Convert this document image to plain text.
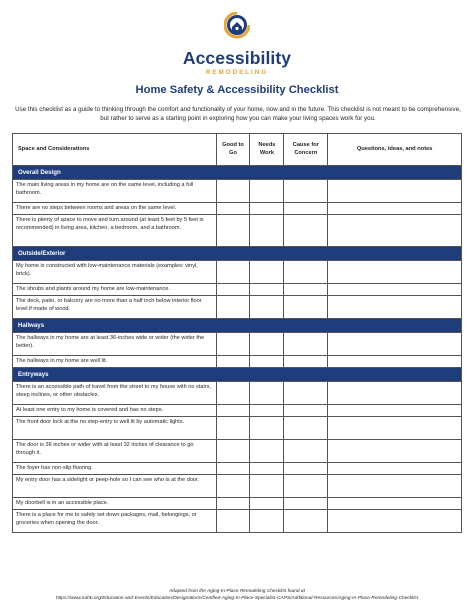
Accessibility
REMODELING
Home Safety & Accessibility Checklist
Use this checklist as a guide to thinking through the comfort and functionality of your home, now and in the future. This checklist is not meant to be comprehensive, but rather to serve as a starting point in exploring how you can make your living spaces work for you.
Space and Considerations
Good to Go
Needs Work
Cause for Concern
Questions, ideas, and notes
Overall Design
The main living areas in my home are on the same level, including a full bathroom.
There are no steps between rooms and areas on the same level.
There is plenty of space to move and turn around (at least 5 feet by 5 feet is recommended) in living area, kitchen, a bedroom, and a bathroom.
Outside/Exterior
My home is constructed with low-maintenance materials (examples: vinyl, brick).
The shrubs and plants around my home are low-maintenance.
The deck, patio, or balcony are no more than a half inch below interior floor level if made of wood.
Hallways
The hallways in my home are at least 36-inches wide or wider (the wider the better).
The hallways in my home are well lit.
Entryways
There is an accessible path of travel from the street to my house with no stairs, steep inclines, or other obstacles.
At least one entry to my home is covered and has no steps.
The front door lock at the no step-entry is well lit by automatic lights.
The door is 36 inches or wider with at least 32 inches of clearance to go through it.
The foyer has non-slip flooring.
My entry door has a sidelight or peep-hole so I can see who is at the door.
My doorbell is in an accessible place.
There is a place for me to safely set down packages, mail, belongings, or groceries when opening the door.
Adapted from the Aging-In-Place Remodeling Checklist found at
https://www.nahb.org/Education-and-Events/Education/Designations/Certified-Aging-In-Place-Specialist-CAPS/Additional-Resources/Aging-In-Place-Remodeling-Checklist
